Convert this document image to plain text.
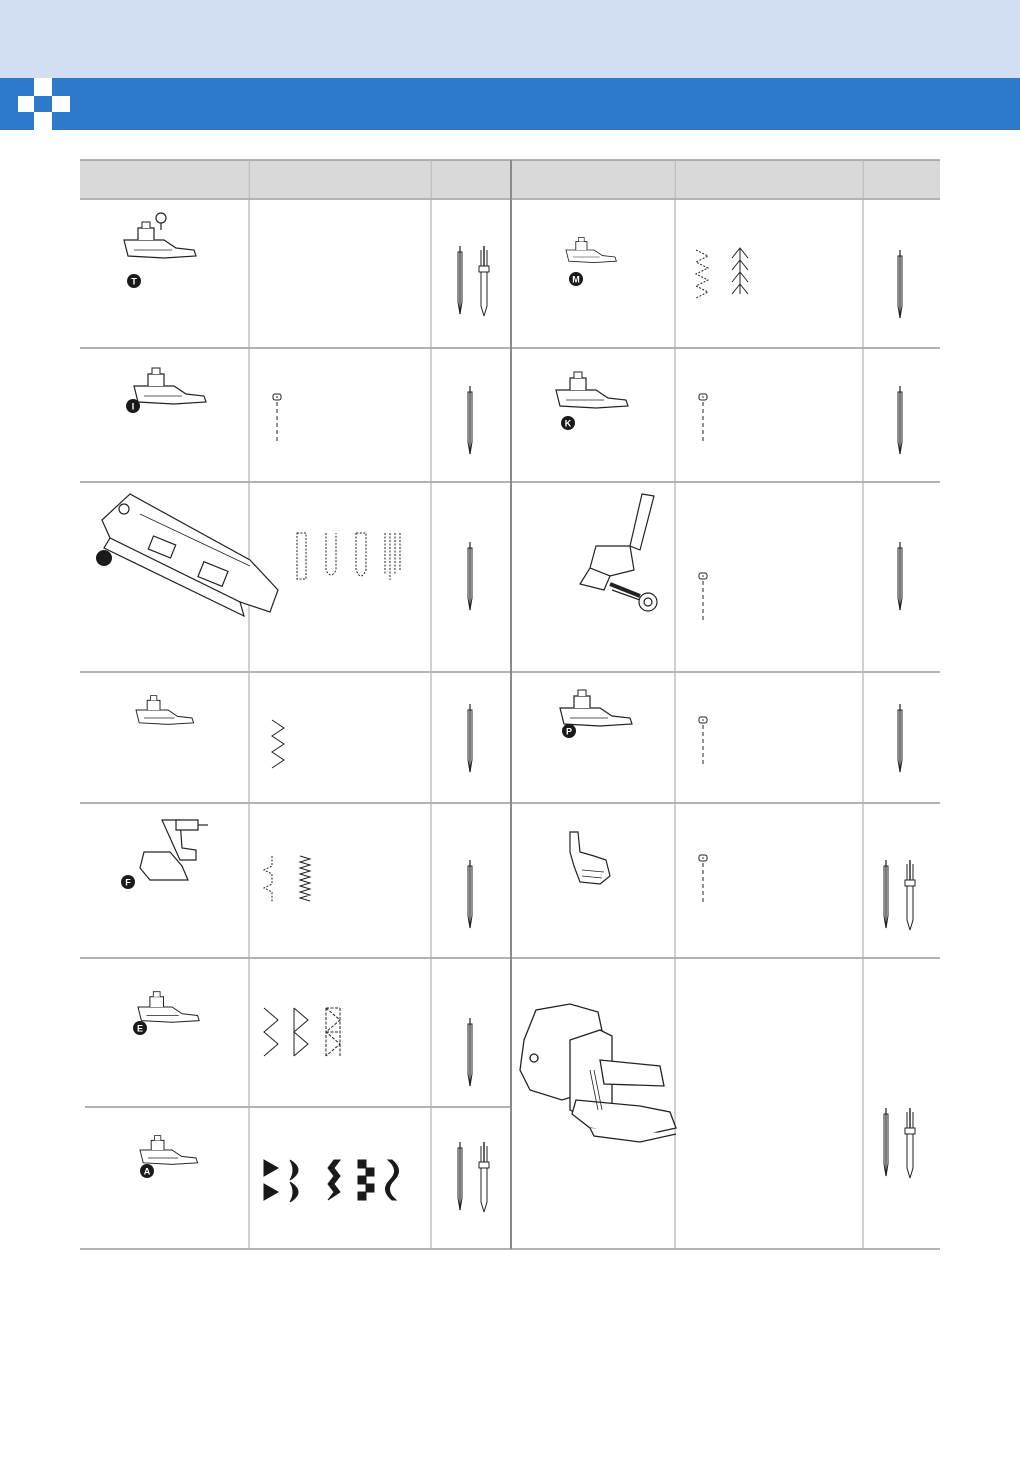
T
I
F
E
A
M
K
P
